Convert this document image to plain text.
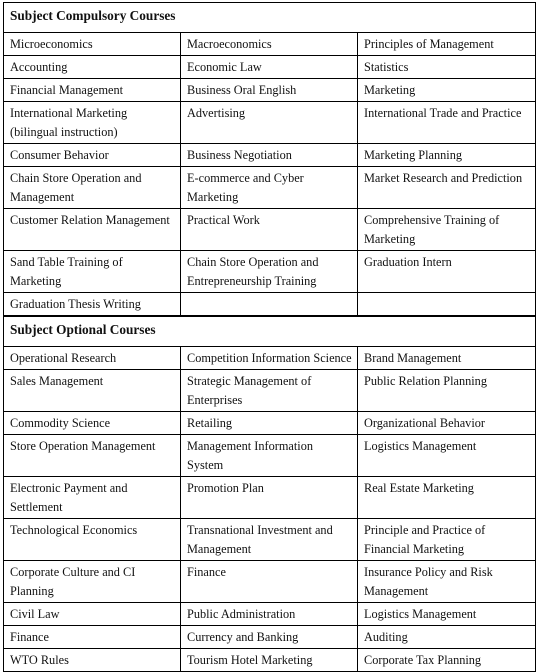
Subject Compulsory Courses		
Microeconomics	Macroeconomics	Principles of Management
Accounting	Economic Law	Statistics
Financial Management	Business Oral English	Marketing
International Marketing (bilingual instruction)	Advertising	International Trade and Practice
Consumer Behavior	Business Negotiation	Marketing Planning
Chain Store Operation and Management	E-commerce and Cyber Marketing	Market Research and Prediction
Customer Relation Management	Practical Work	Comprehensive Training of Marketing
Sand Table Training of Marketing	Chain Store Operation and Entrepreneurship Training	Graduation Intern
Graduation Thesis Writing		
Subject Optional Courses		
Operational Research	Competition Information Science	Brand Management
Sales Management	Strategic Management of Enterprises	Public Relation Planning
Commodity Science	Retailing	Organizational Behavior
Store Operation Management	Management Information System	Logistics Management
Electronic Payment and Settlement	Promotion Plan	Real Estate Marketing
Technological Economics	Transnational Investment and Management	Principle and Practice of Financial Marketing
Corporate Culture and CI Planning	Finance	Insurance Policy and Risk Management
Civil Law	Public Administration	Logistics Management
Finance	Currency and Banking	Auditing
WTO Rules	Tourism Hotel Marketing	Corporate Tax Planning
